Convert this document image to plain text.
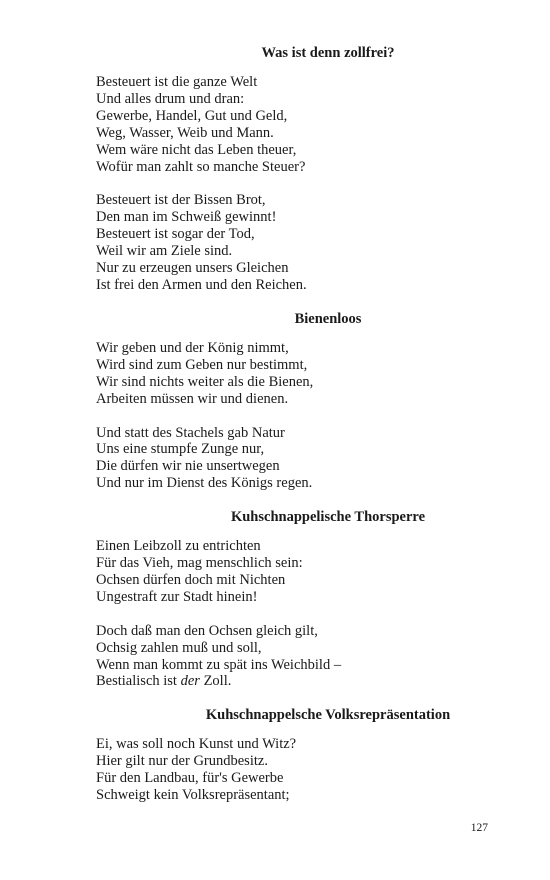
Was ist denn zollfrei?
Besteuert ist die ganze Welt
Und alles drum und dran:
Gewerbe, Handel, Gut und Geld,
Weg, Wasser, Weib und Mann.
Wem wäre nicht das Leben theuer,
Wofür man zahlt so manche Steuer?
Besteuert ist der Bissen Brot,
Den man im Schweiß gewinnt!
Besteuert ist sogar der Tod,
Weil wir am Ziele sind.
Nur zu erzeugen unsers Gleichen
Ist frei den Armen und den Reichen.
Bienenloos
Wir geben und der König nimmt,
Wird sind zum Geben nur bestimmt,
Wir sind nichts weiter als die Bienen,
Arbeiten müssen wir und dienen.
Und statt des Stachels gab Natur
Uns eine stumpfe Zunge nur,
Die dürfen wir nie unsertwegen
Und nur im Dienst des Königs regen.
Kuhschnappelische Thorsperre
Einen Leibzoll zu entrichten
Für das Vieh, mag menschlich sein:
Ochsen dürfen doch mit Nichten
Ungestraft zur Stadt hinein!
Doch daß man den Ochsen gleich gilt,
Ochsig zahlen muß und soll,
Wenn man kommt zu spät ins Weichbild –
Bestialisch ist der Zoll.
Kuhschnappelsche Volksrepräsentation
Ei, was soll noch Kunst und Witz?
Hier gilt nur der Grundbesitz.
Für den Landbau, für's Gewerbe
Schweigt kein Volksrepräsentant;
127
